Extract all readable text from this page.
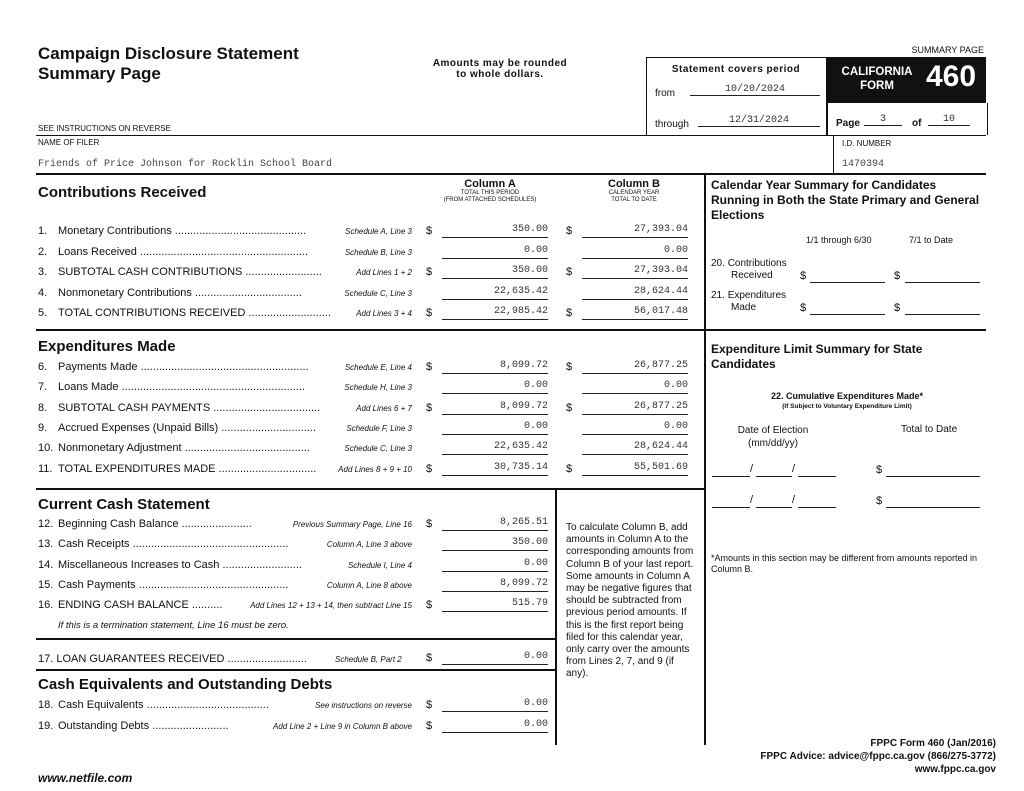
Campaign Disclosure Statement
Summary Page
Amounts may be rounded
to whole dollars.
SEE INSTRUCTIONS ON REVERSE
SUMMARY PAGE
Statement covers period
from	10/20/2024
through	12/31/2024
CALIFORNIA
FORM	460
Page	3	of	10
NAME OF FILER
Friends of Price Johnson for Rocklin School Board
I.D. NUMBER
1470394
Contributions Received	Column A
TOTAL THIS PERIOD
(FROM ATTACHED SCHEDULES)
Column B
CALENDAR YEAR
TOTAL TO DATE
1. Monetary Contributions ...........................................	Schedule A, Line 3 $	350.00 $	27,393.04
2. Loans Received .......................................................	Schedule B, Line 3	0.00	0.00
3. SUBTOTAL CASH CONTRIBUTIONS .........................	Add Lines 1 + 2 $	350.00 $	27,393.04
4. Nonmonetary Contributions ...................................	Schedule C, Line 3	22,635.42	28,624.44
5. TOTAL CONTRIBUTIONS RECEIVED ...........................	Add Lines 3 + 4 $	22,985.42 $	56,017.48
Expenditures Made
6. Payments Made .......................................................	Schedule E, Line 4 $	8,099.72 $	26,877.25
7. Loans Made ............................................................	Schedule H, Line 3	0.00	0.00
8. SUBTOTAL CASH PAYMENTS ...................................	Add Lines 6 + 7 $	8,099.72 $	26,877.25
9. Accrued Expenses (Unpaid Bills) ...............................	Schedule F, Line 3	0.00	0.00
10. Nonmonetary Adjustment .........................................	Schedule C, Line 3	22,635.42	28,624.44
11. TOTAL EXPENDITURES MADE ................................	Add Lines 8 + 9 + 10 $	30,735.14 $	55,501.69
Current Cash Statement
12. Beginning Cash Balance .......................	Previous Summary Page, Line 16 $	8,265.51
13. Cash Receipts ...................................................	Column A, Line 3 above	350.00
14. Miscellaneous Increases to Cash ..........................	Schedule I, Line 4	0.00
15. Cash Payments .................................................	Column A, Line 8 above	8,099.72
16. ENDING CASH BALANCE ..........	Add Lines 12 + 13 + 14, then subtract Line 15 $	515.79
If this is a termination statement, Line 16 must be zero.
17. LOAN GUARANTEES RECEIVED ..........................	Schedule B, Part 2 $	0.00
Cash Equivalents and Outstanding Debts
18. Cash Equivalents ........................................	See instructions on reverse $	0.00
19. Outstanding Debts .........................	Add Line 2 + Line 9 in Column B above $	0.00
To calculate Column B, add amounts in Column A to the corresponding amounts from Column B of your last report. Some amounts in Column A may be negative figures that should be subtracted from previous period amounts. If this is the first report being filed for this calendar year, only carry over the amounts from Lines 2, 7, and 9 (if any).
Calendar Year Summary for Candidates Running in Both the State Primary and General Elections
1/1 through 6/30	7/1 to Date
20. Contributions
Received	$	$
21. Expenditures
Made	$	$
Expenditure Limit Summary for State Candidates
22. Cumulative Expenditures Made*
(If Subject to Voluntary Expenditure Limit)
Date of Election
(mm/dd/yy)
Total to Date
/	/	$
/	/	$
*Amounts in this section may be different from amounts reported in Column B.
FPPC Form 460 (Jan/2016)
FPPC Advice: advice@fppc.ca.gov (866/275-3772)
www.fppc.ca.gov
www.netfile.com
